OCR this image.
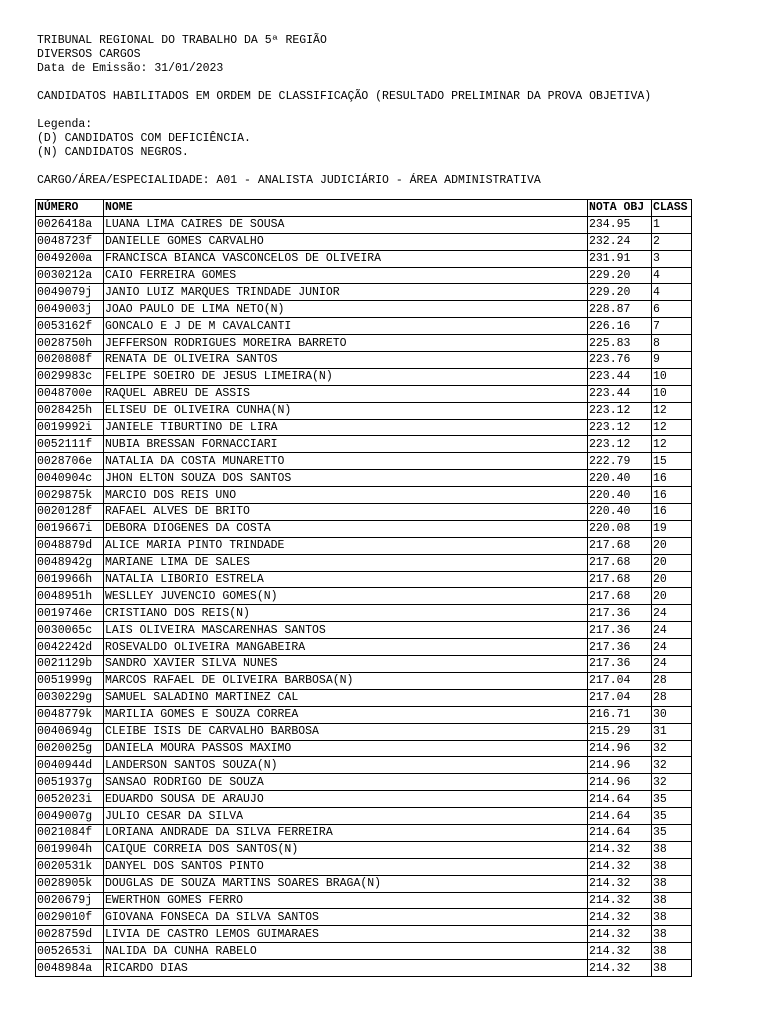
TRIBUNAL REGIONAL DO TRABALHO DA 5ª REGIÃO
DIVERSOS CARGOS
Data de Emissão: 31/01/2023
CANDIDATOS HABILITADOS EM ORDEM DE CLASSIFICAÇÃO (RESULTADO PRELIMINAR DA PROVA OBJETIVA)
Legenda:
(D) CANDIDATOS COM DEFICIÊNCIA.
(N) CANDIDATOS NEGROS.
CARGO/ÁREA/ESPECIALIDADE: A01 - ANALISTA JUDICIÁRIO - ÁREA ADMINISTRATIVA
NÚMERO	NOME	NOTA OBJ	CLASS
0026418a	LUANA LIMA CAIRES DE SOUSA	234.95	1
0048723f	DANIELLE GOMES CARVALHO	232.24	2
0049200a	FRANCISCA BIANCA VASCONCELOS DE OLIVEIRA	231.91	3
0030212a	CAIO FERREIRA GOMES	229.20	4
0049079j	JANIO LUIZ MARQUES TRINDADE JUNIOR	229.20	4
0049003j	JOAO PAULO DE LIMA NETO(N)	228.87	6
0053162f	GONCALO E J DE M CAVALCANTI	226.16	7
0028750h	JEFFERSON RODRIGUES MOREIRA BARRETO	225.83	8
0020808f	RENATA DE OLIVEIRA SANTOS	223.76	9
0029983c	FELIPE SOEIRO DE JESUS LIMEIRA(N)	223.44	10
0048700e	RAQUEL ABREU DE ASSIS	223.44	10
0028425h	ELISEU DE OLIVEIRA CUNHA(N)	223.12	12
0019992i	JANIELE TIBURTINO DE LIRA	223.12	12
0052111f	NUBIA BRESSAN FORNACCIARI	223.12	12
0028706e	NATALIA DA COSTA MUNARETTO	222.79	15
0040904c	JHON ELTON SOUZA DOS SANTOS	220.40	16
0029875k	MARCIO DOS REIS UNO	220.40	16
0020128f	RAFAEL ALVES DE BRITO	220.40	16
0019667i	DEBORA DIOGENES DA COSTA	220.08	19
0048879d	ALICE MARIA PINTO TRINDADE	217.68	20
0048942g	MARIANE LIMA DE SALES	217.68	20
0019966h	NATALIA LIBORIO ESTRELA	217.68	20
0048951h	WESLLEY JUVENCIO GOMES(N)	217.68	20
0019746e	CRISTIANO DOS REIS(N)	217.36	24
0030065c	LAIS OLIVEIRA MASCARENHAS SANTOS	217.36	24
0042242d	ROSEVALDO OLIVEIRA MANGABEIRA	217.36	24
0021129b	SANDRO XAVIER SILVA NUNES	217.36	24
0051999g	MARCOS RAFAEL DE OLIVEIRA BARBOSA(N)	217.04	28
0030229g	SAMUEL SALADINO MARTINEZ CAL	217.04	28
0048779k	MARILIA GOMES E SOUZA CORREA	216.71	30
0040694g	CLEIBE ISIS DE CARVALHO BARBOSA	215.29	31
0020025g	DANIELA MOURA PASSOS MAXIMO	214.96	32
0040944d	LANDERSON SANTOS SOUZA(N)	214.96	32
0051937g	SANSAO RODRIGO DE SOUZA	214.96	32
0052023i	EDUARDO SOUSA DE ARAUJO	214.64	35
0049007g	JULIO CESAR DA SILVA	214.64	35
0021084f	LORIANA ANDRADE DA SILVA FERREIRA	214.64	35
0019904h	CAIQUE CORREIA DOS SANTOS(N)	214.32	38
0020531k	DANYEL DOS SANTOS PINTO	214.32	38
0028905k	DOUGLAS DE SOUZA MARTINS SOARES BRAGA(N)	214.32	38
0020679j	EWERTHON GOMES FERRO	214.32	38
0029010f	GIOVANA FONSECA DA SILVA SANTOS	214.32	38
0028759d	LIVIA DE CASTRO LEMOS GUIMARAES	214.32	38
0052653i	NALIDA DA CUNHA RABELO	214.32	38
0048984a	RICARDO DIAS	214.32	38
